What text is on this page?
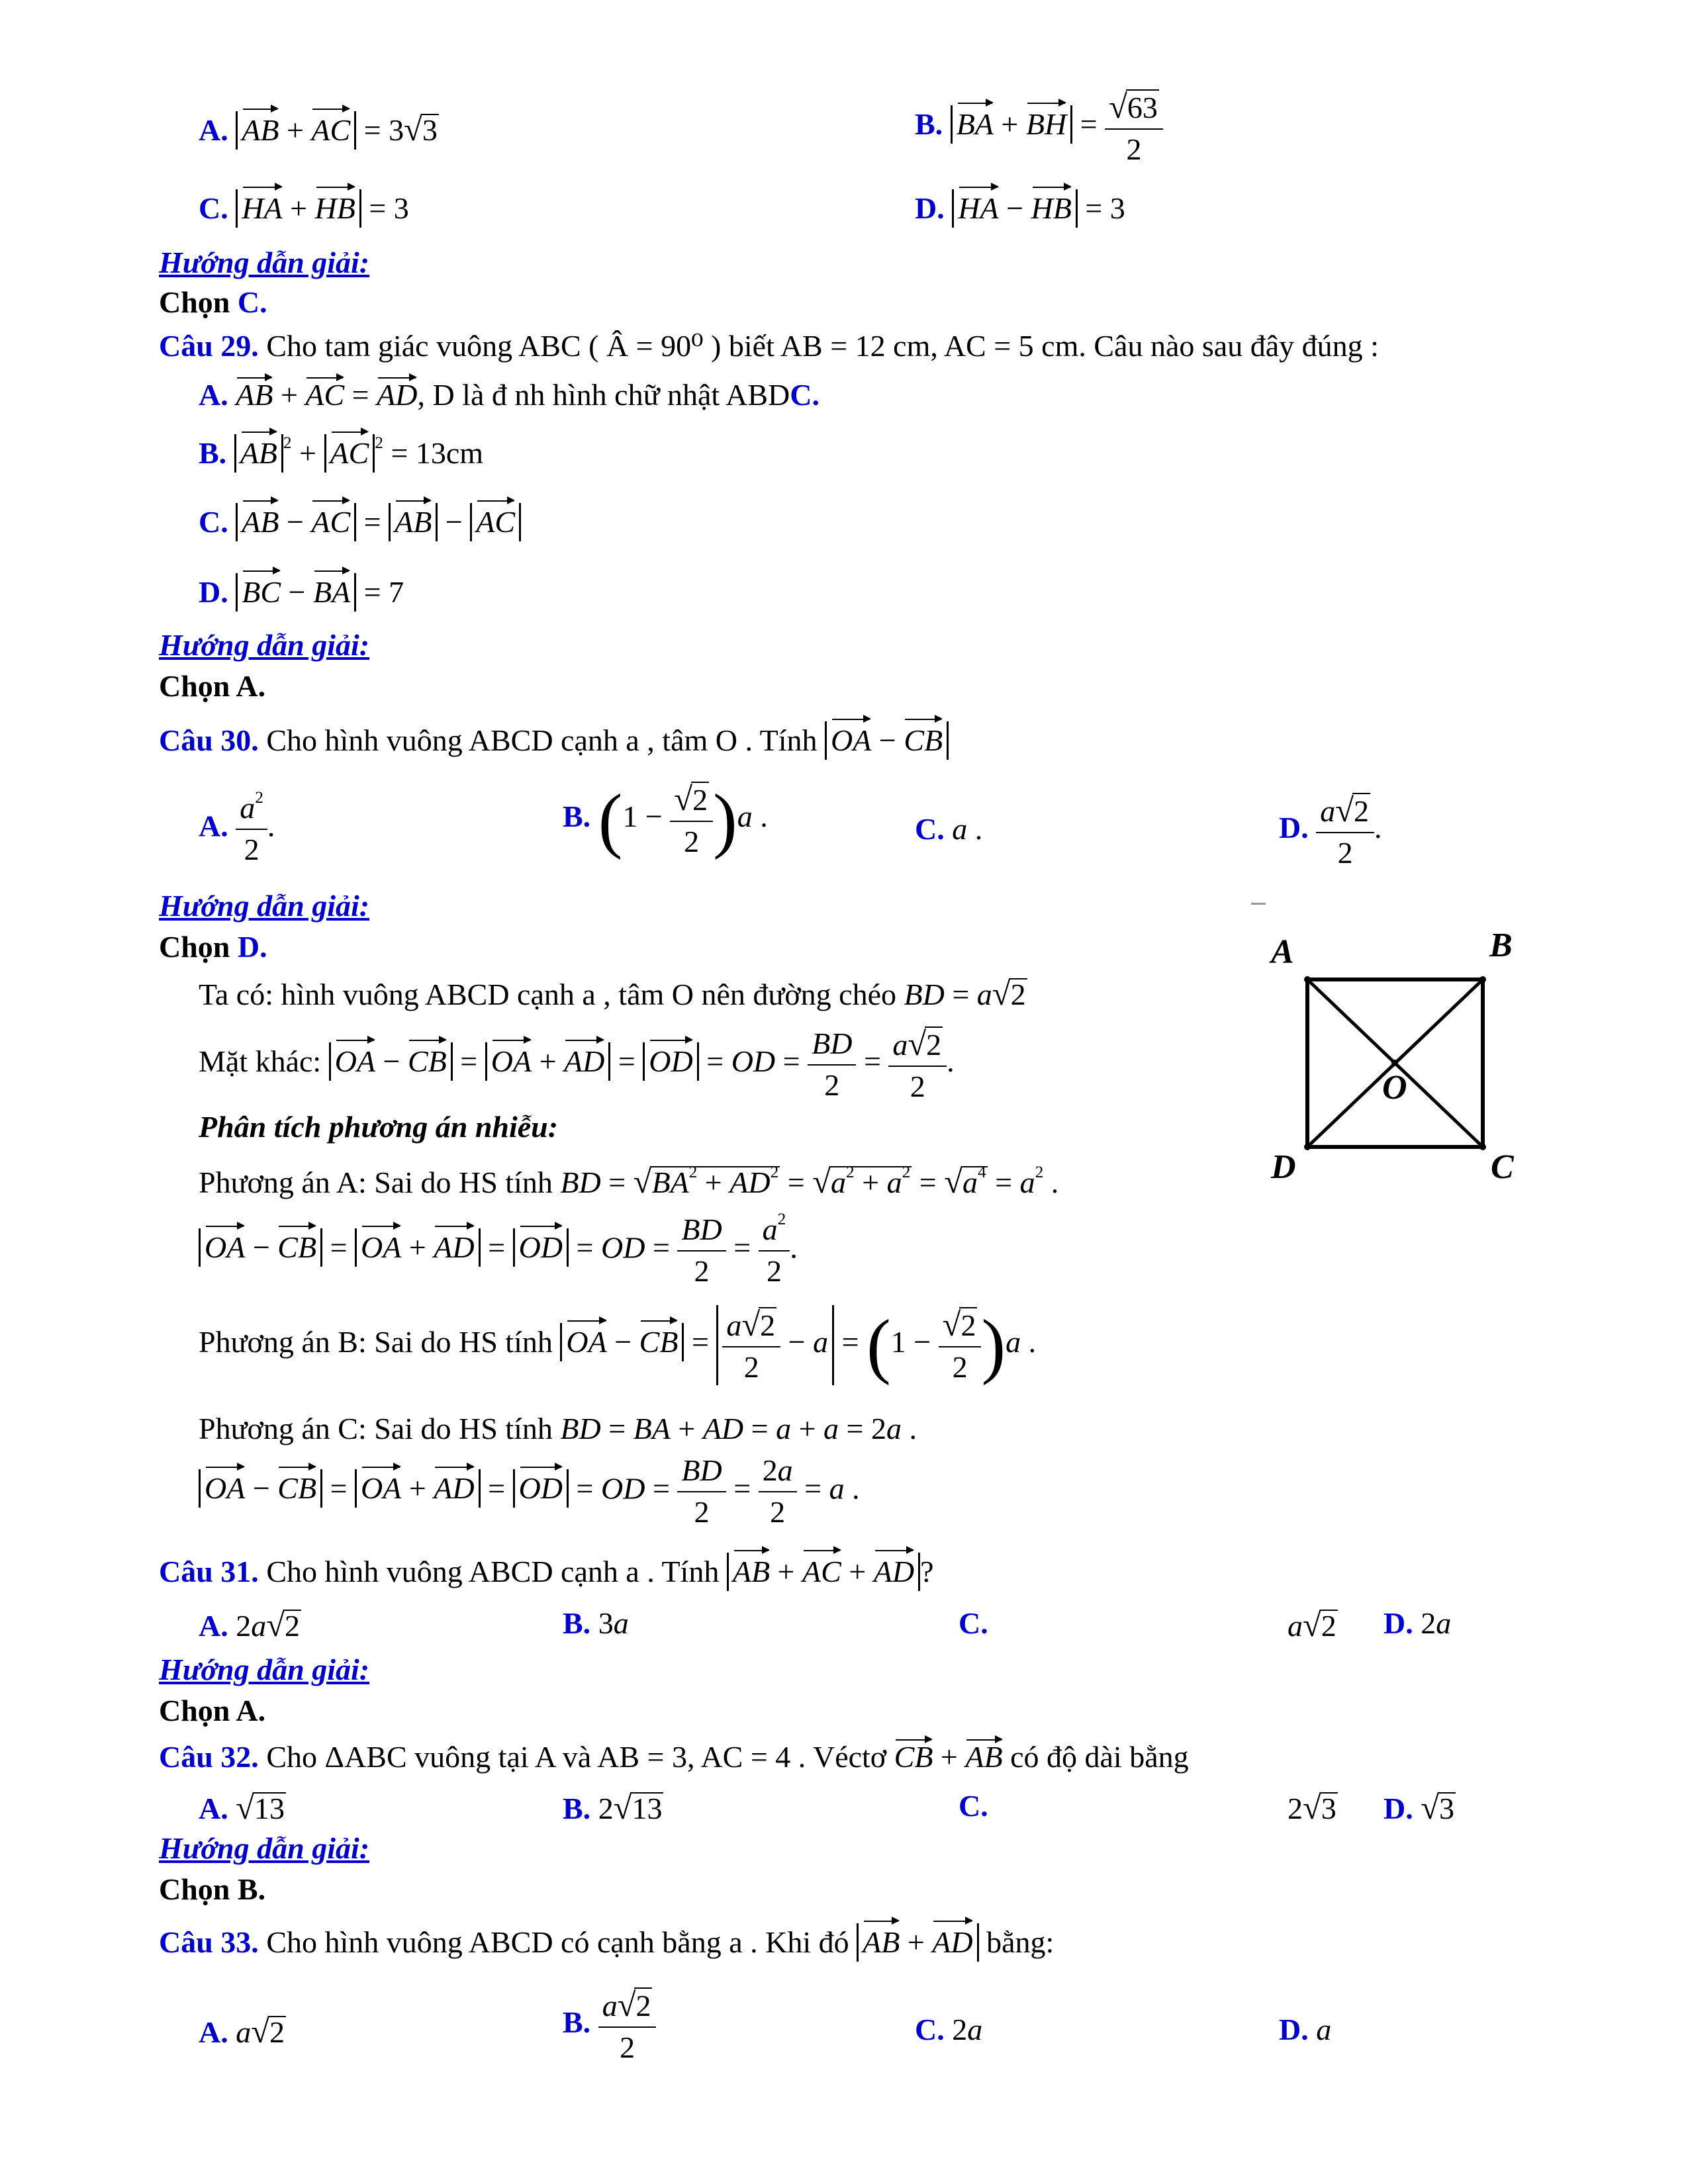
A. AB + AC = 3√3	B. BA + BH = $\frac{√63}{2}$
C. HA + HB = 3	D. HA − HB = 3
Hướng dẫn giải:
Chọn C.
Câu 29. Cho tam giác vuông ABC ( Â = 90⁰ ) biết AB = 12 cm, AC = 5 cm. Câu nào sau đây đúng :
A. AB + AC = AD, D là đ nh hình chữ nhật ABDC.
B. AB $^2$ + AC $^2$ = 13cm
C. AB − AC = AB − AC
D. BC − BA = 7
Hướng dẫn giải:
Chọn A.
Câu 30. Cho hình vuông ABCD cạnh a , tâm O . Tính OA − CB
A. $\frac{a^2}{2}$ .	B. $(1 - \frac{√2}{2} )a$ .	C. a .	D. $\frac{a√2}{2}$ .
Hướng dẫn giải:
Chọn D.
Ta có: hình vuông ABCD cạnh a , tâm O nên đường chéo BD = a√2
Mặt khác: OA − CB = OA + AD = OD = OD = $\frac{BD}{2} = \frac{a√2}{2}$ .
Phân tích phương án nhiễu:
Phương án A: Sai do HS tính BD = $√BA^2 + AD^2 = √a^2 + a^2 = √a^4 = a^2$ .
OA − CB = OA + AD = OD = OD = $\frac{BD}{2} = \frac{a^2}{2}$ .
Phương án B: Sai do HS tính OA − CB = $\frac{a√2}{2} - a = (1 - \frac{√2}{2} )a$ .
Phương án C: Sai do HS tính BD = BA + AD = a + a = 2a .
OA − CB = OA + AD = OD = OD = $\frac{BD}{2} = \frac{2a}{2} = a$ .
A	B
D	C
O
Câu 31. Cho hình vuông ABCD cạnh a . Tính AB + AC + AD ?
A. 2a√2	B. 3a	C.	a√2 D. 2a
Hướng dẫn giải:
Chọn A.
Câu 32. Cho ΔABC vuông tại A và AB = 3, AC = 4 . Véctơ CB + AB có độ dài bằng
A. √13	B. 2√13	C.	2√3 D. √3
Hướng dẫn giải:
Chọn B.
Câu 33. Cho hình vuông ABCD có cạnh bằng a . Khi đó AB + AD bằng:
A. a√2	B. $\frac{a√2}{2}$	C. 2a	D. a
